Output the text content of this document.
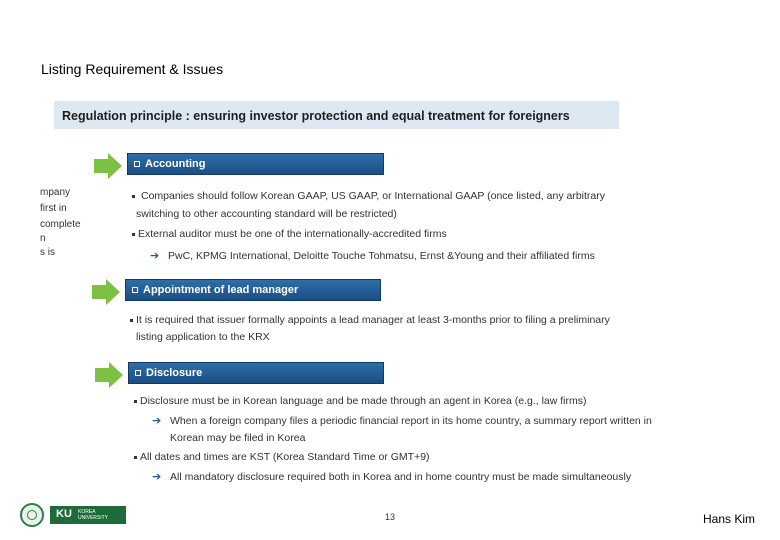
Listing Requirement & Issues
Regulation principle : ensuring investor protection and equal treatment for foreigners
mpany
first in
complete
n
s is
Accounting
Companies should follow Korean GAAP, US GAAP, or International GAAP (once listed, any arbitrary
switching to other accounting standard will be restricted)
External auditor must be one of the internationally-accredited firms
➔ PwC, KPMG International, Deloitte Touche Tohmatsu, Ernst &Young and their affiliated firms
Appointment of lead manager
It is required that issuer formally appoints a lead manager at least 3-months prior to filing a preliminary
listing application to the KRX
Disclosure
Disclosure must be in Korean language and be made through an agent in Korea (e.g., law firms)
➔ When a foreign company files a periodic financial report in its home country, a summary report written in
Korean may be filed in Korea
All dates and times are KST (Korea Standard Time or GMT+9)
➔ All mandatory disclosure required both in Korea and in home country must be made simultaneously
KU KOREA
UNIVERSITY	13	Hans Kim
